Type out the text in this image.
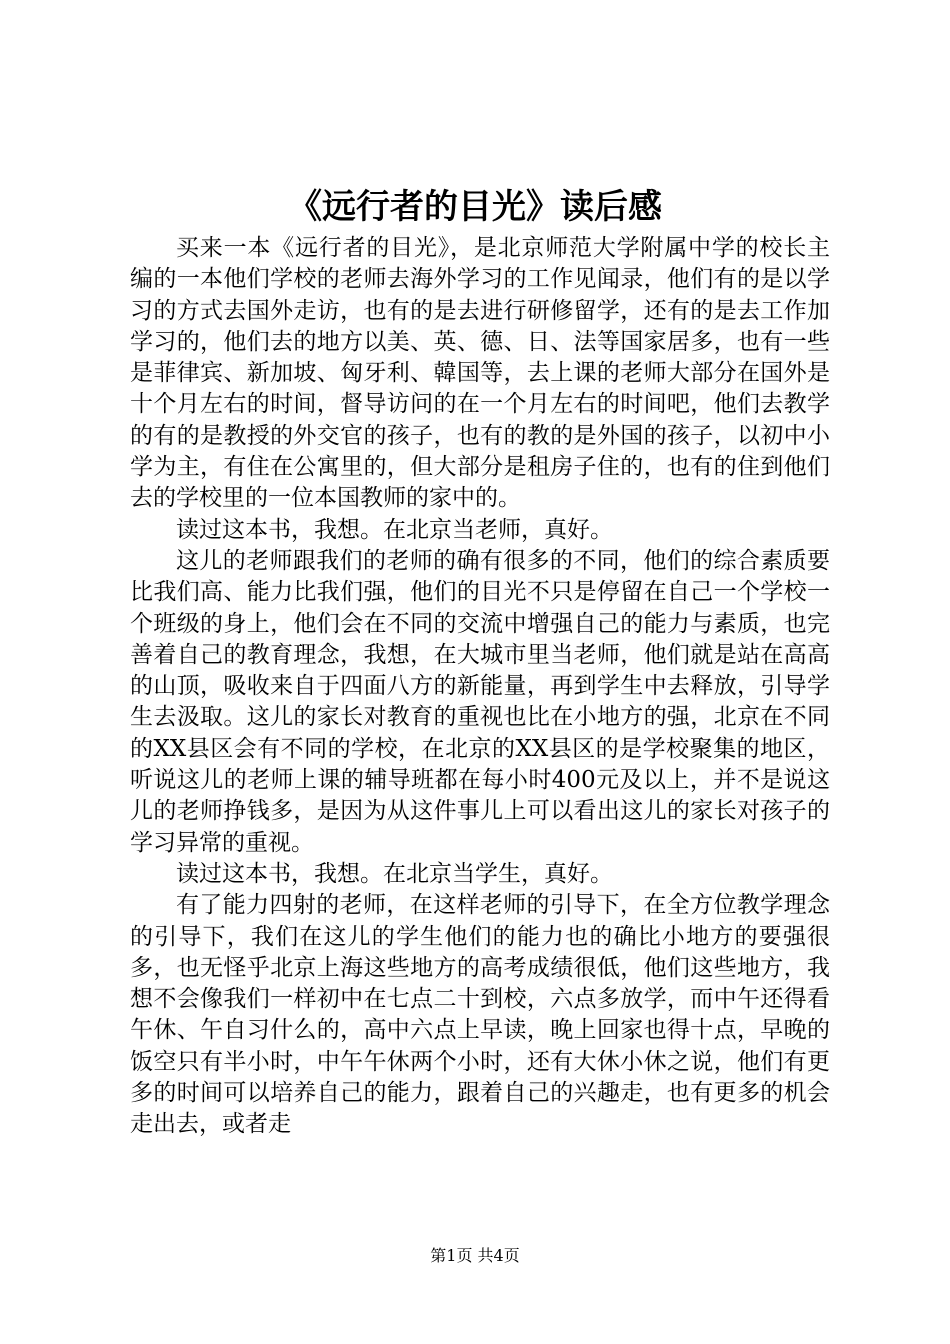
《远行者的目光》读后感

买来一本《远行者的目光》，是北京师范大学附属中学的校长主编的一本他们学校的老师去海外学习的工作见闻录，他们有的是以学习的方式去国外走访，也有的是去进行研修留学，还有的是去工作加学习的，他们去的地方以美、英、德、日、法等国家居多，也有一些是菲律宾、新加坡、匈牙利、韓国等，去上课的老师大部分在国外是十个月左右的时间，督导访问的在一个月左右的时间吧，他们去教学的有的是教授的外交官的孩子，也有的教的是外国的孩子，以初中小学为主，有住在公寓里的，但大部分是租房子住的，也有的住到他们去的学校里的一位本国教师的家中的。

读过这本书，我想。在北京当老师，真好。

这儿的老师跟我们的老师的确有很多的不同，他们的综合素质要比我们高、能力比我们强，他们的目光不只是停留在自己一个学校一个班级的身上，他们会在不同的交流中增强自己的能力与素质，也完善着自己的教育理念，我想，在大城市里当老师，他们就是站在高高的山顶，吸收来自于四面八方的新能量，再到学生中去释放，引导学生去汲取。这儿的家长对教育的重视也比在小地方的强，北京在不同的XX县区会有不同的学校，在北京的XX县区的是学校聚集的地区，听说这儿的老师上课的辅导班都在每小时400元及以上，并不是说这儿的老师挣钱多，是因为从这件事儿上可以看出这儿的家长对孩子的学习异常的重视。

读过这本书，我想。在北京当学生，真好。

有了能力四射的老师，在这样老师的引导下，在全方位教学理念的引导下，我们在这儿的学生他们的能力也的确比小地方的要强很多，也无怪乎北京上海这些地方的高考成绩很低，他们这些地方，我想不会像我们一样初中在七点二十到校，六点多放学，而中午还得看午休、午自习什么的，高中六点上早读，晚上回家也得十点，早晚的饭空只有半小时，中午午休两个小时，还有大休小休之说，他们有更多的时间可以培养自己的能力，跟着自己的兴趣走，也有更多的机会走出去，或者走

第1页 共4页
